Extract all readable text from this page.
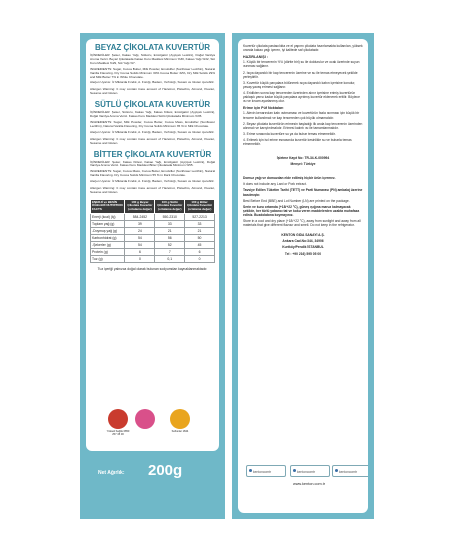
BEYAZ ÇİKOLATA KUVERTÜR
İÇİNDEKİLER: Şeker, Kakao Yağı, Süttozu, Emülgatör (Ayçiçek Lesitini), Doğal Vanilya Aroma Verici. Beyaz Çikolatada Kakao Kuru Maddesi Minimum %30, Kakao Yağı %32, Süt Kuru Maddesi %29, Süt Yağı %7.
INGREDIENTS: Sugar, Cocoa Butter, Milk Powder, Emulsifier (Sunflower Lecithin), Natural Vanilla Flavoring. Dry Cocoa Solids Minimum 30% Cocoa Butter 32%, Dry Milk Solids 29% and Milk Butter 7% in White Chocolate.
Alerjen Uyarısı: İz Miktarda Fındık, A. Fıstığı, Badem, Yerfıstığı, Susam ve Gluten içerebilir.
Allergen Warning: It may contain trace amount of Hazelnut, Pistachio, Almond, Peanut, Sesame and Gluten.
SÜTLÜ ÇİKOLATA KUVERTÜR
İÇİNDEKİLER: Şeker, Süttozu, Kakao Yağı, Kakao Kitlesi, Emülgatör (Ayçiçek Lesitini), Doğal Vanilya Aroma Verici. Kakao Kuru Maddesi Sütlü Çikolatada Minimum %35.
INGREDIENTS: Sugar, Milk Powder, Cocoa Butter, Cocoa Mass, Emulsifier (Sunflower Lecithin), Natural Vanilla Flavoring, Dry Cocoa Solids Minimum 35 % in Milk Chocolate.
Alerjen Uyarısı: İz Miktarda Fındık, A. Fıstığı, Badem, Yerfıstığı, Susam ve Gluten içerebilir.
Allergen Warning: It may contain trace amount of Hazelnut, Pistachio, Almond, Peanut, Sesame and Gluten.
BİTTER ÇİKOLATA KUVERTÜR
İÇİNDEKİLER: Şeker, Kakao Kitlesi, Kakao Yağı, Emülgatör (Ayçiçek Lesitini), Doğal Vanilya Aroma Verici. Kakao Kuru Maddesi Bitter Çikolatada Minimum %55.
INGREDIENTS: Sugar, Cocoa Mass, Cocoa Butter, Emulsifier (Sunflower Lecithin), Natural Vanilla Flavoring. Dry Cocoa Solids Minimum 55 % in Dark Chocolate.
Alerjen Uyarısı: İz Miktarda Fındık, A. Fıstığı, Badem, Yerfıstığı, Susam ve Gluten içerebilir.
Allergen Warning: It may contain trace amount of Hazelnut, Pistachio, Almond, Peanut, Sesame and Gluten.
ENERJİ ve BESİN ÖĞELERİ NUTRITION FACTS	100 g Beyaz Çikolata Kuvertür (ortalama değer)	100 g Sütlü Çikolata Kuvertür (ortalama değer)	100 g Bitter Çikolata Kuvertür (ortalama değer)
Enerji (kcal) (kj)	584-2452	550-2310	527-2213
Toplam yağ (g)	39	33	33
-Doymuş yağ (g)	24	21	21
Karbonhidrat (g)	54	56	50
-Şekerler (g)	54	52	45
Protein (g)	6	7	6
Tuz (g)	0	0,1	0
Tuz içeriği yalnızca doğal olarak bulunan sodyumdan kaynaklanmaktadır.
Yükseli Sağlık 0850 257 45 00
Sulfunlar 1844
Net Ağırlık: 200g
Kuvertür çikolata pastacılıkta ve el yapımı çikolata hazırlamakta kullanılan, yüksek oranda kakao yağı içeren, iyi kalitede saf çikolatadır.
HAZIRLANIŞI :
1. Küçük bir tencerenin ½'ü (dörtte biri) su ile doldurulur ve ocak üzerinde suyun ısınması sağlanır.
2. Isıya dayanıklı bir kap tencerenin üzerine ve su ile temas etmeyecek şekilde yerleştirilir.
3. Kuvertür küçük parçalara bölünerek ısıya dayanıklı kabın içerisine konulur, yavaş yavaş erimesi sağlanır.
4. Eridikten sonra kap tencereden üzerinden alınır içerisine erimiş kuvertürün yaklaşık yarısı kadar küçük parçalara ayrılmış kuvertür eklenerek eritilir. Böylece ısı ve kıvam ayarlanmış olur.
Erime için Püf Noktaları
1. Alevin kenarından kabı ısıtmaması ve kuvertürün fazla ısınması için küçük bir tencere kullanılmalı ve kap tencereden çok büyük olmamalıdır.
2. Beyaz çikolata kuvertürün erimesin başladığı ilk anda kap tencerenin üzerinden alınmalı ve karıştırılmalıdır. Erimesi kalıntı ısı ile tamamlanmalıdır.
3. Erime sırasında kuvertüre su ya da buhar temas etmemelidir.
4. Eritmek için isıl erime esnasında kuvertür kesinlikle su ve buharla temas etmemelidir.
İşletme Kayıt No: TR-34-K-000994
Menşei: Türkiye
Domuz yağı ve domuzdan elde edilmiş hiçbir ürün içermez.
It does not include any Lard or Pork extract.
Tavsiye Edilen Tüketim Tarihi (TETT) ve Parti Numarası (PN) ambalaj üzerine basılmıştır.
Best Before End (BBE) and Lot Number (LN) are printed on the package.
Serin ve kuru ortamda (+18/+22 °C), güneş ışığına maruz kalmayacak şekilde, her türlü yabancı tat ve koku veren maddelerden uzakta muhafaza ediniz. Buzdolabına koymayınız.
Store in a cool and dry place (+18/+22 °C), away from sunlight and away from all materials that give different flavour and smell. Do not keep in the refrigerator.
KENTON GIDA SANAYİ A.Ş.
Ankara Cad.No:344, 34906
Kurtköy/Pendik İSTANBUL
Tel : +90 216) 595 05 00
kentoncomtr	kentoncomtr	kentoncomtr
www.kenton.com.tr
